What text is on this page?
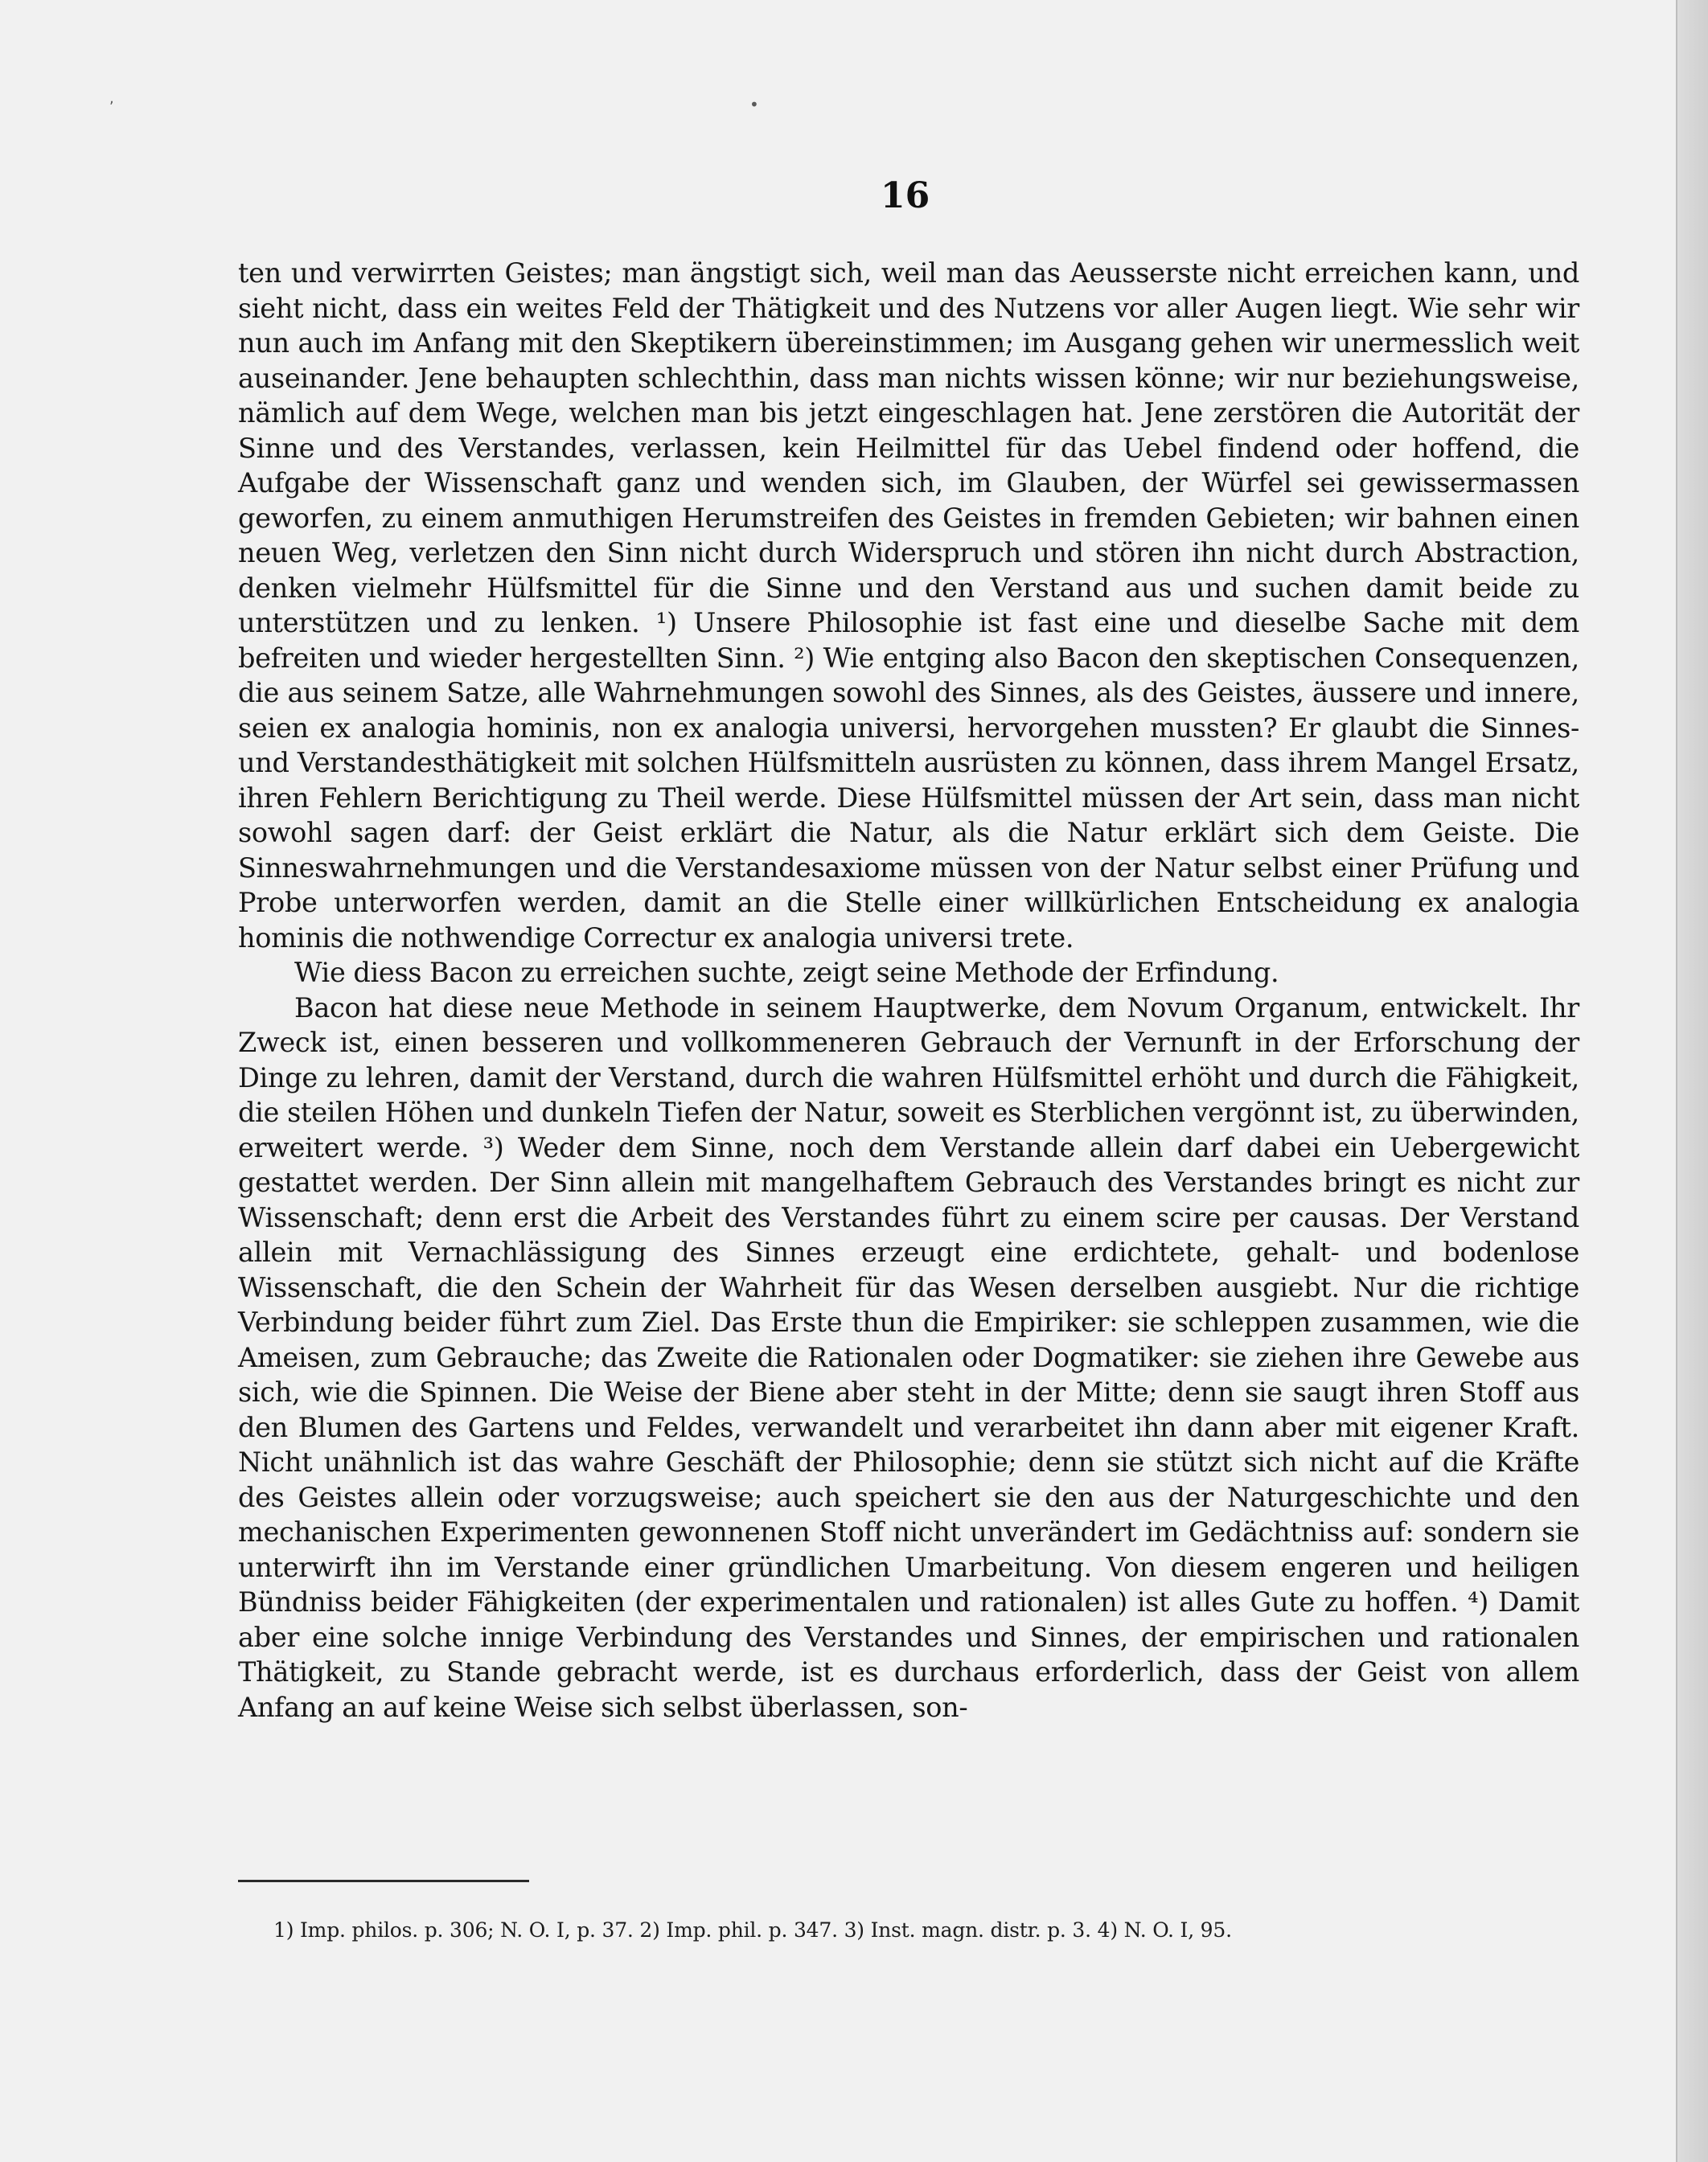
,	•
16

ten und verwirrten Geistes; man ängstigt sich, weil man das Aeusserste nicht erreichen kann, und sieht nicht, dass ein weites Feld der Thätigkeit und des Nutzens vor aller Augen liegt. Wie sehr wir nun auch im Anfang mit den Skeptikern übereinstimmen; im Ausgang gehen wir unermesslich weit auseinander. Jene behaupten schlechthin, dass man nichts wissen könne; wir nur beziehungsweise, nämlich auf dem Wege, welchen man bis jetzt eingeschlagen hat. Jene zerstören die Autorität der Sinne und des Verstandes, verlassen, kein Heilmittel für das Uebel findend oder hoffend, die Aufgabe der Wissenschaft ganz und wenden sich, im Glauben, der Würfel sei gewissermassen geworfen, zu einem anmuthigen Herumstreifen des Geistes in fremden Gebieten; wir bahnen einen neuen Weg, verletzen den Sinn nicht durch Widerspruch und stören ihn nicht durch Abstraction, denken vielmehr Hülfsmittel für die Sinne und den Verstand aus und suchen damit beide zu unterstützen und zu lenken. ¹) Unsere Philosophie ist fast eine und dieselbe Sache mit dem befreiten und wieder hergestellten Sinn. ²) Wie entging also Bacon den skeptischen Consequenzen, die aus seinem Satze, alle Wahrnehmungen sowohl des Sinnes, als des Geistes, äussere und innere, seien ex analogia hominis, non ex analogia universi, hervorgehen mussten? Er glaubt die Sinnes- und Verstandesthätigkeit mit solchen Hülfsmitteln ausrüsten zu können, dass ihrem Mangel Ersatz, ihren Fehlern Berichtigung zu Theil werde. Diese Hülfsmittel müssen der Art sein, dass man nicht sowohl sagen darf: der Geist erklärt die Natur, als die Natur erklärt sich dem Geiste. Die Sinneswahrnehmungen und die Verstandesaxiome müssen von der Natur selbst einer Prüfung und Probe unterworfen werden, damit an die Stelle einer willkürlichen Entscheidung ex analogia hominis die nothwendige Correctur ex analogia universi trete.

Wie diess Bacon zu erreichen suchte, zeigt seine Methode der Erfindung.

Bacon hat diese neue Methode in seinem Hauptwerke, dem Novum Organum, entwickelt. Ihr Zweck ist, einen besseren und vollkommeneren Gebrauch der Vernunft in der Erforschung der Dinge zu lehren, damit der Verstand, durch die wahren Hülfsmittel erhöht und durch die Fähigkeit, die steilen Höhen und dunkeln Tiefen der Natur, soweit es Sterblichen vergönnt ist, zu überwinden, erweitert werde. ³) Weder dem Sinne, noch dem Verstande allein darf dabei ein Uebergewicht gestattet werden. Der Sinn allein mit mangelhaftem Gebrauch des Verstandes bringt es nicht zur Wissenschaft; denn erst die Arbeit des Verstandes führt zu einem scire per causas. Der Verstand allein mit Vernachlässigung des Sinnes erzeugt eine erdichtete, gehalt- und bodenlose Wissenschaft, die den Schein der Wahrheit für das Wesen derselben ausgiebt. Nur die richtige Verbindung beider führt zum Ziel. Das Erste thun die Empiriker: sie schleppen zusammen, wie die Ameisen, zum Gebrauche; das Zweite die Rationalen oder Dogmatiker: sie ziehen ihre Gewebe aus sich, wie die Spinnen. Die Weise der Biene aber steht in der Mitte; denn sie saugt ihren Stoff aus den Blumen des Gartens und Feldes, verwandelt und verarbeitet ihn dann aber mit eigener Kraft. Nicht unähnlich ist das wahre Geschäft der Philosophie; denn sie stützt sich nicht auf die Kräfte des Geistes allein oder vorzugsweise; auch speichert sie den aus der Naturgeschichte und den mechanischen Experimenten gewonnenen Stoff nicht unverändert im Gedächtniss auf: sondern sie unterwirft ihn im Verstande einer gründlichen Umarbeitung. Von diesem engeren und heiligen Bündniss beider Fähigkeiten (der experimentalen und rationalen) ist alles Gute zu hoffen. ⁴) Damit aber eine solche innige Verbindung des Verstandes und Sinnes, der empirischen und rationalen Thätigkeit, zu Stande gebracht werde, ist es durchaus erforderlich, dass der Geist von allem Anfang an auf keine Weise sich selbst überlassen, son-

1) Imp. philos. p. 306; N. O. I, p. 37. 2) Imp. phil. p. 347. 3) Inst. magn. distr. p. 3. 4) N. O. I, 95.
